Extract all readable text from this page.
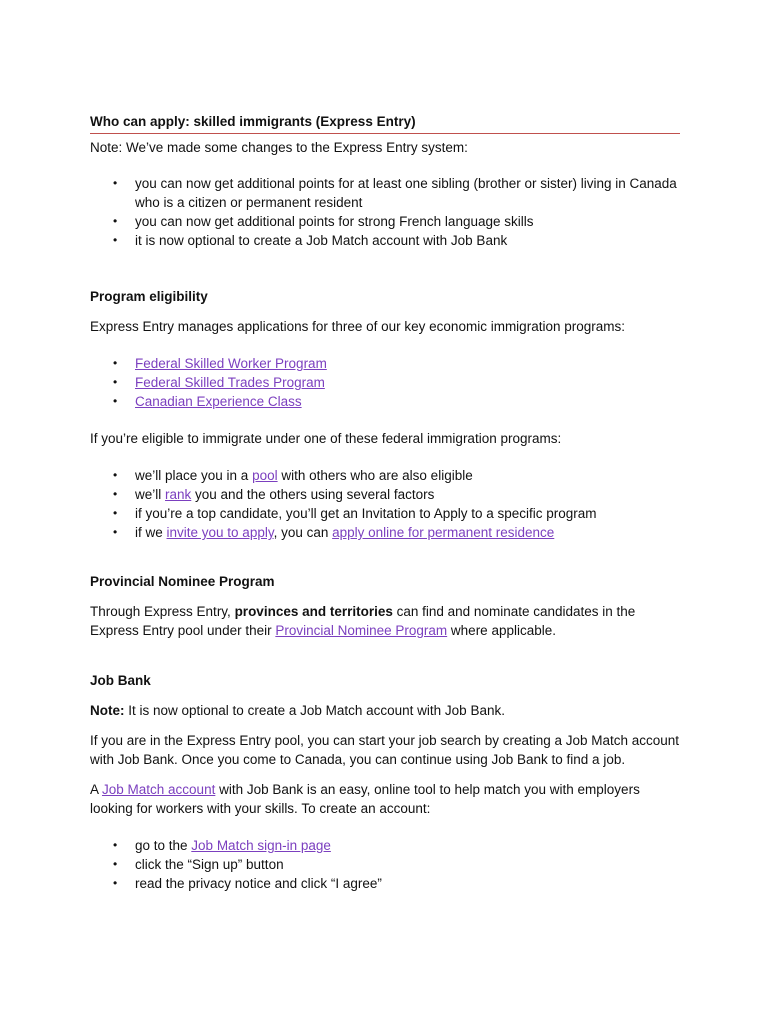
Who can apply: skilled immigrants (Express Entry)

Note: We’ve made some changes to the Express Entry system:

• you can now get additional points for at least one sibling (brother or sister) living in Canada who is a citizen or permanent resident
• you can now get additional points for strong French language skills
• it is now optional to create a Job Match account with Job Bank
Program eligibility

Express Entry manages applications for three of our key economic immigration programs:

• Federal Skilled Worker Program
• Federal Skilled Trades Program
• Canadian Experience Class

If you’re eligible to immigrate under one of these federal immigration programs:

• we’ll place you in a pool with others who are also eligible
• we’ll rank you and the others using several factors
• if you’re a top candidate, you’ll get an Invitation to Apply to a specific program
• if we invite you to apply, you can apply online for permanent residence
Provincial Nominee Program

Through Express Entry, provinces and territories can find and nominate candidates in the Express Entry pool under their Provincial Nominee Program where applicable.

Job Bank

Note: It is now optional to create a Job Match account with Job Bank.

If you are in the Express Entry pool, you can start your job search by creating a Job Match account with Job Bank. Once you come to Canada, you can continue using Job Bank to find a job.

A Job Match account with Job Bank is an easy, online tool to help match you with employers looking for workers with your skills. To create an account:

• go to the Job Match sign-in page
• click the “Sign up” button
• read the privacy notice and click “I agree”
